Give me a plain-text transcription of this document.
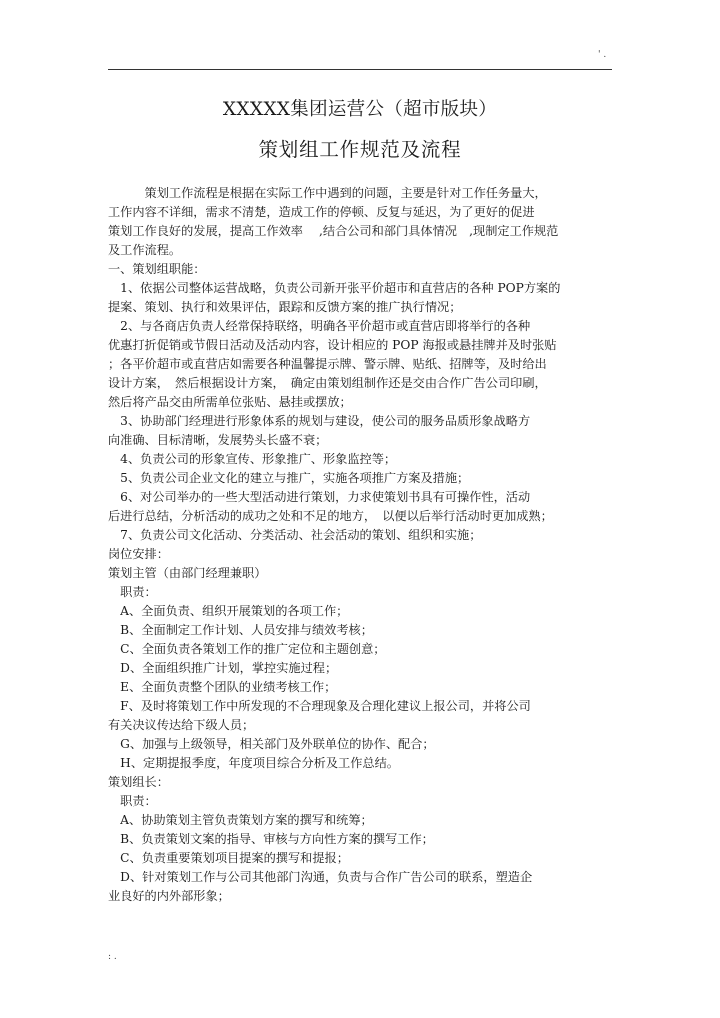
' .
XXXXX集团运营公（超市版块）
策划组工作规范及流程

　　　策划工作流程是根据在实际工作中遇到的问题，主要是针对工作任务量大，

工作内容不详细，需求不清楚，造成工作的停顿、反复与延迟，为了更好的促进

策划工作良好的发展，提高工作效率　 ,结合公司和部门具体情况　,现制定工作规范

及工作流程。

一、策划组职能：

　1、依据公司整体运营战略，负责公司新开张平价超市和直营店的各种 POP方案的

提案、策划、执行和效果评估，跟踪和反馈方案的推广执行情况；

　2、与各商店负责人经常保持联络，明确各平价超市或直营店即将举行的各种

优惠打折促销或节假日活动及活动内容，设计相应的 POP 海报或悬挂牌并及时张贴

；各平价超市或直营店如需要各种温馨提示牌、警示牌、贴纸、招牌等，及时给出

设计方案，　然后根据设计方案，　确定由策划组制作还是交由合作广告公司印刷，

然后将产品交由所需单位张贴、悬挂或摆放；

　3、协助部门经理进行形象体系的规划与建设，使公司的服务品质形象战略方

向准确、目标清晰，发展势头长盛不衰；

　4、负责公司的形象宣传、形象推广、形象监控等；

　5、负责公司企业文化的建立与推广，实施各项推广方案及措施；

　6、对公司举办的一些大型活动进行策划，力求使策划书具有可操作性，活动

后进行总结，分析活动的成功之处和不足的地方，　以便以后举行活动时更加成熟；

　7、负责公司文化活动、分类活动、社会活动的策划、组织和实施；

岗位安排：

策划主管（由部门经理兼职）

　职责：

　A、全面负责、组织开展策划的各项工作；

　B、全面制定工作计划、人员安排与绩效考核；

　C、全面负责各策划工作的推广定位和主题创意；

　D、全面组织推广计划，掌控实施过程；

　E、全面负责整个团队的业绩考核工作；

　F、及时将策划工作中所发现的不合理现象及合理化建议上报公司，并将公司

有关决议传达给下级人员；

　G、加强与上级领导，相关部门及外联单位的协作、配合；

　H、定期提报季度，年度项目综合分析及工作总结。

策划组长：

　职责：

　A、协助策划主管负责策划方案的撰写和统筹；

　B、负责策划文案的指导、审核与方向性方案的撰写工作；

　C、负责重要策划项目提案的撰写和提报；

　D、针对策划工作与公司其他部门沟通，负责与合作广告公司的联系，塑造企

业良好的内外部形象；

: .
